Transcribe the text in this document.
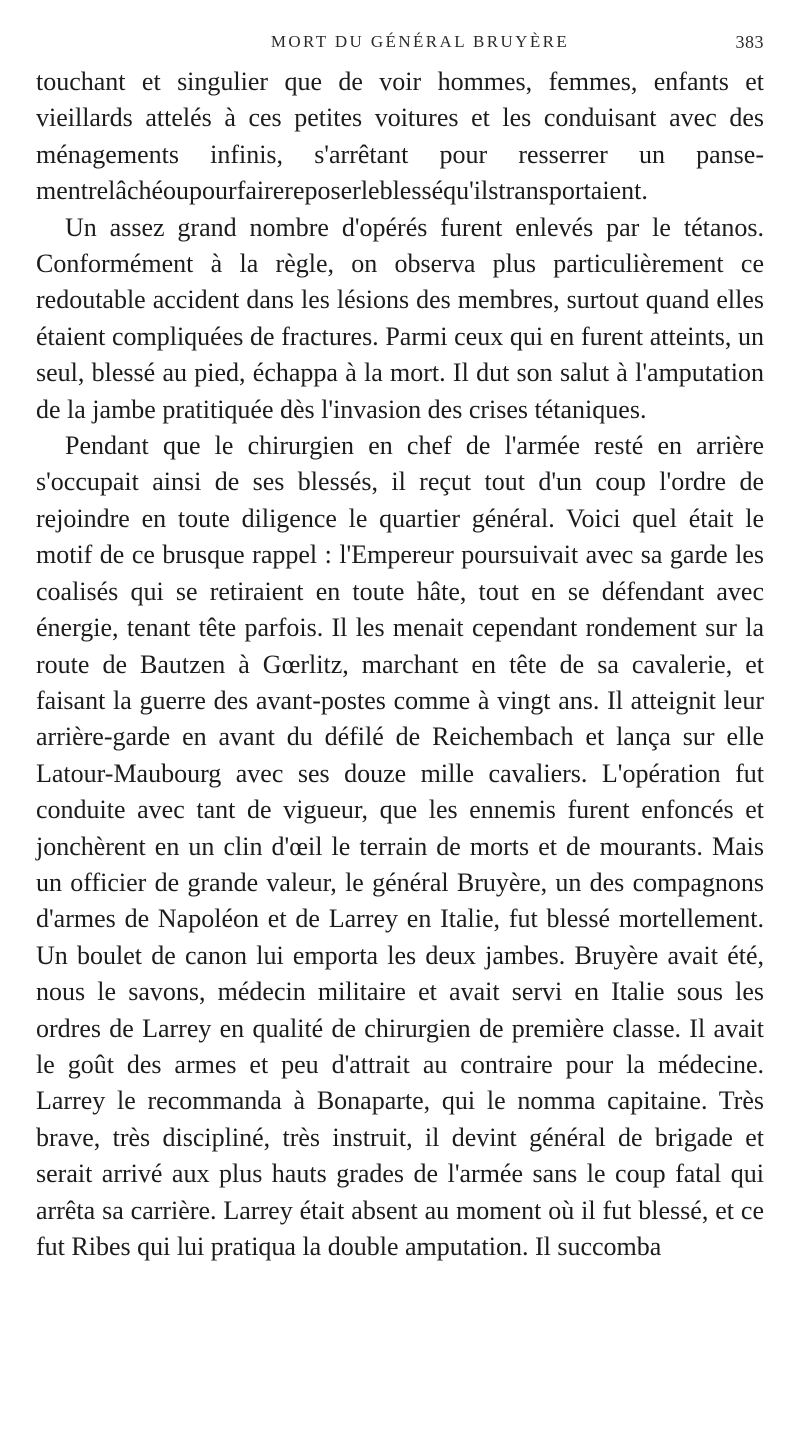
MORT DU GÉNÉRAL BRUYÈRE	383

touchant et singulier que de voir hommes, femmes, enfants et vieillards attelés à ces petites voitures et les conduisant avec des ménagements infinis, s'arrêtant pour resserrer un pansementrelâchéoupourfairereposerleblesséqu'ilstransportaient.

Un assez grand nombre d'opérés furent enlevés par le tétanos. Conformément à la règle, on observa plus particulièrement ce redoutable accident dans les lésions des membres, surtout quand elles étaient compliquées de fractures. Parmi ceux qui en furent atteints, un seul, blessé au pied, échappa à la mort. Il dut son salut à l'amputation de la jambe pratitiquée dès l'invasion des crises tétaniques.

Pendant que le chirurgien en chef de l'armée resté en arrière s'occupait ainsi de ses blessés, il reçut tout d'un coup l'ordre de rejoindre en toute diligence le quartier général. Voici quel était le motif de ce brusque rappel : l'Empereur poursuivait avec sa garde les coalisés qui se retiraient en toute hâte, tout en se défendant avec énergie, tenant tête parfois. Il les menait cependant rondement sur la route de Bautzen à Gœrlitz, marchant en tête de sa cavalerie, et faisant la guerre des avant-postes comme à vingt ans. Il atteignit leur arrière-garde en avant du défilé de Reichembach et lança sur elle Latour-Maubourg avec ses douze mille cavaliers. L'opération fut conduite avec tant de vigueur, que les ennemis furent enfoncés et jonchèrent en un clin d'œil le terrain de morts et de mourants. Mais un officier de grande valeur, le général Bruyère, un des compagnons d'armes de Napoléon et de Larrey en Italie, fut blessé mortellement. Un boulet de canon lui emporta les deux jambes. Bruyère avait été, nous le savons, médecin militaire et avait servi en Italie sous les ordres de Larrey en qualité de chirurgien de première classe. Il avait le goût des armes et peu d'attrait au contraire pour la médecine. Larrey le recommanda à Bonaparte, qui le nomma capitaine. Très brave, très discipliné, très instruit, il devint général de brigade et serait arrivé aux plus hauts grades de l'armée sans le coup fatal qui arrêta sa carrière. Larrey était absent au moment où il fut blessé, et ce fut Ribes qui lui pratiqua la double amputation. Il succomba
